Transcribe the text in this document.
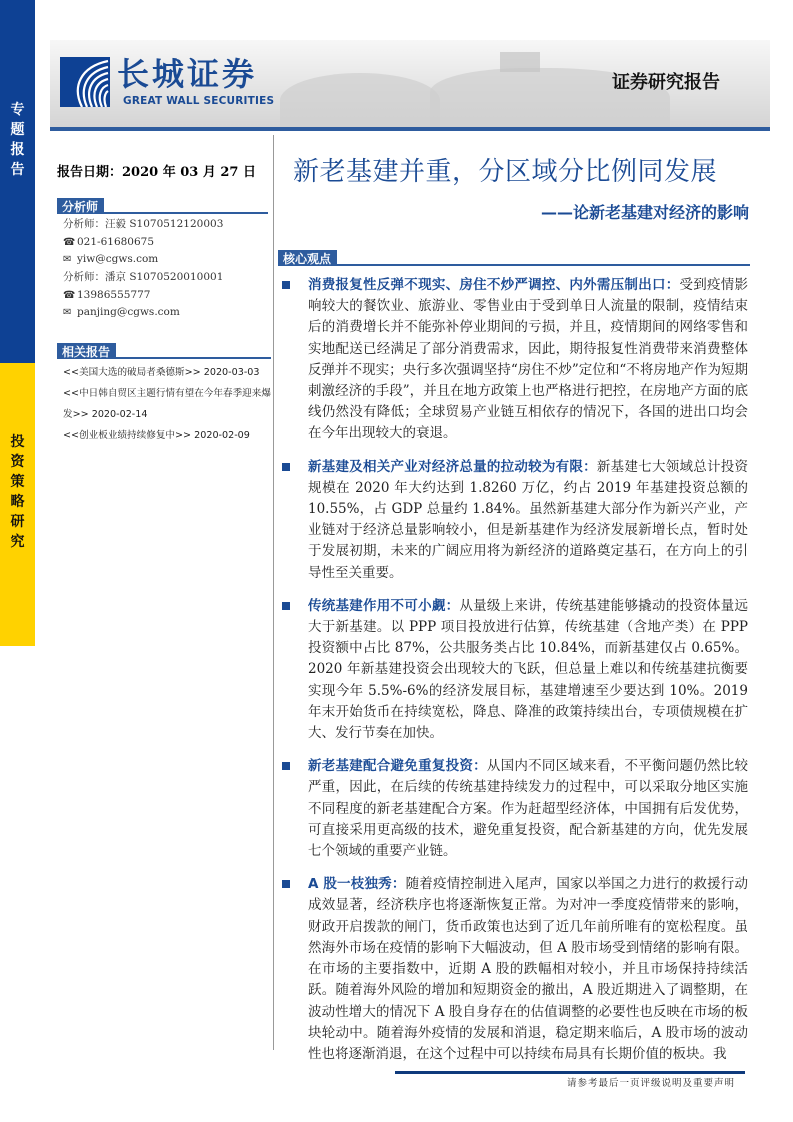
专
题
报
告
投
资
策
略
研
究
长城证券
GREAT WALL SECURITIES
证券研究报告
报告日期：2020 年 03 月 27 日
分析师
分析师：汪毅 S1070512120003
☎ 021-61680675
✉ yiw@cgws.com
分析师：潘京 S1070520010001
☎ 13986555777
✉ panjing@cgws.com
相关报告
<<美国大选的破局者桑德斯>> 2020-03-03
<<中日韩自贸区主题行情有望在今年春季迎来爆发>> 2020-02-14
<<创业板业绩持续修复中>> 2020-02-09
新老基建并重，分区域分比例同发展
——论新老基建对经济的影响
核心观点

消费报复性反弹不现实、房住不炒严调控、内外需压制出口：受到疫情影响较大的餐饮业、旅游业、零售业由于受到单日人流量的限制，疫情结束后的消费增长并不能弥补停业期间的亏损，并且，疫情期间的网络零售和实地配送已经满足了部分消费需求，因此，期待报复性消费带来消费整体反弹并不现实；央行多次强调坚持“房住不炒”定位和“不将房地产作为短期刺激经济的手段”，并且在地方政策上也严格进行把控，在房地产方面的底线仍然没有降低；全球贸易产业链互相依存的情况下，各国的进出口均会在今年出现较大的衰退。

新基建及相关产业对经济总量的拉动较为有限：新基建七大领域总计投资规模在 2020 年大约达到 1.8260 万亿，约占 2019 年基建投资总额的 10.55%，占 GDP 总量约 1.84%。虽然新基建大部分作为新兴产业，产业链对于经济总量影响较小，但是新基建作为经济发展新增长点，暂时处于发展初期，未来的广阔应用将为新经济的道路奠定基石，在方向上的引导性至关重要。

传统基建作用不可小觑：从量级上来讲，传统基建能够撬动的投资体量远大于新基建。以 PPP 项目投放进行估算，传统基建（含地产类）在 PPP 投资额中占比 87%，公共服务类占比 10.84%，而新基建仅占 0.65%。2020 年新基建投资会出现较大的飞跃，但总量上难以和传统基建抗衡要实现今年 5.5%-6%的经济发展目标，基建增速至少要达到 10%。2019 年末开始货币在持续宽松，降息、降准的政策持续出台，专项债规模在扩大、发行节奏在加快。

新老基建配合避免重复投资：从国内不同区域来看，不平衡问题仍然比较严重，因此，在后续的传统基建持续发力的过程中，可以采取分地区实施不同程度的新老基建配合方案。作为赶超型经济体，中国拥有后发优势，可直接采用更高级的技术，避免重复投资，配合新基建的方向，优先发展七个领域的重要产业链。

A 股一枝独秀：随着疫情控制进入尾声，国家以举国之力进行的救援行动成效显著，经济秩序也将逐渐恢复正常。为对冲一季度疫情带来的影响，财政开启拨款的闸门，货币政策也达到了近几年前所唯有的宽松程度。虽然海外市场在疫情的影响下大幅波动，但 A 股市场受到情绪的影响有限。在市场的主要指数中，近期 A 股的跌幅相对较小，并且市场保持持续活跃。随着海外风险的增加和短期资金的撤出，A 股近期进入了调整期，在波动性增大的情况下 A 股自身存在的估值调整的必要性也反映在市场的板块轮动中。随着海外疫情的发展和消退，稳定期来临后，A 股市场的波动性也将逐渐消退，在这个过程中可以持续布局具有长期价值的板块。我

请参考最后一页评级说明及重要声明
